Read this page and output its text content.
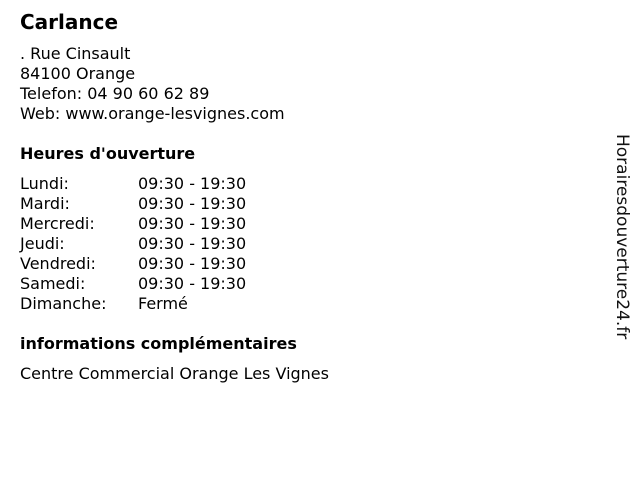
Carlance
. Rue Cinsault
84100 Orange
Telefon: 04 90 60 62 89
Web: www.orange-lesvignes.com
Heures d'ouverture
Lundi:	09:30 - 19:30
Mardi:	09:30 - 19:30
Mercredi:	09:30 - 19:30
Jeudi:	09:30 - 19:30
Vendredi:	09:30 - 19:30
Samedi:	09:30 - 19:30
Dimanche:	Fermé
informations complémentaires
Centre Commercial Orange Les Vignes
Horairesdouverture24.fr
